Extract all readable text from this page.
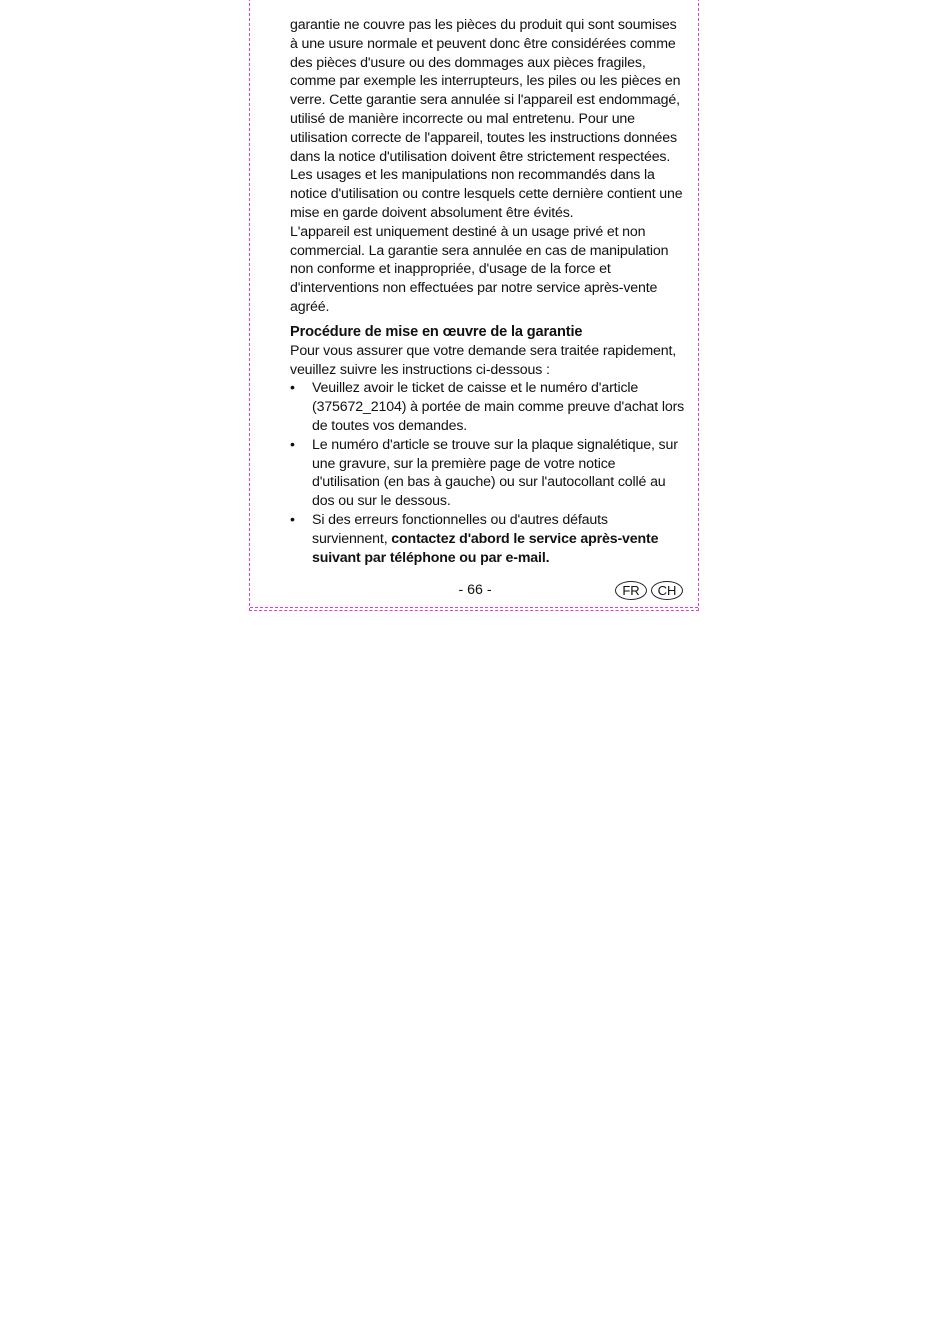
garantie ne couvre pas les pièces du produit qui sont soumises à une usure normale et peuvent donc être considérées comme des pièces d'usure ou des dommages aux pièces fragiles, comme par exemple les interrupteurs, les piles ou les pièces en verre. Cette garantie sera annulée si l'appareil est endommagé, utilisé de manière incorrecte ou mal entretenu. Pour une utilisation correcte de l'appareil, toutes les instructions données dans la notice d'utilisation doivent être strictement respectées. Les usages et les manipulations non recommandés dans la notice d'utilisation ou contre lesquels cette dernière contient une mise en garde doivent absolument être évités.

L'appareil est uniquement destiné à un usage privé et non commercial. La garantie sera annulée en cas de manipulation non conforme et inappropriée, d'usage de la force et d'interventions non effectuées par notre service après-vente agréé.

Procédure de mise en œuvre de la garantie

Pour vous assurer que votre demande sera traitée rapidement, veuillez suivre les instructions ci-dessous :

• Veuillez avoir le ticket de caisse et le numéro d'article (375672_2104) à portée de main comme preuve d'achat lors de toutes vos demandes.
• Le numéro d'article se trouve sur la plaque signalétique, sur une gravure, sur la première page de votre notice d'utilisation (en bas à gauche) ou sur l'autocollant collé au dos ou sur le dessous.
• Si des erreurs fonctionnelles ou d'autres défauts surviennent, contactez d'abord le service après-vente suivant par téléphone ou par e-mail.
- 66 -	FR	CH
